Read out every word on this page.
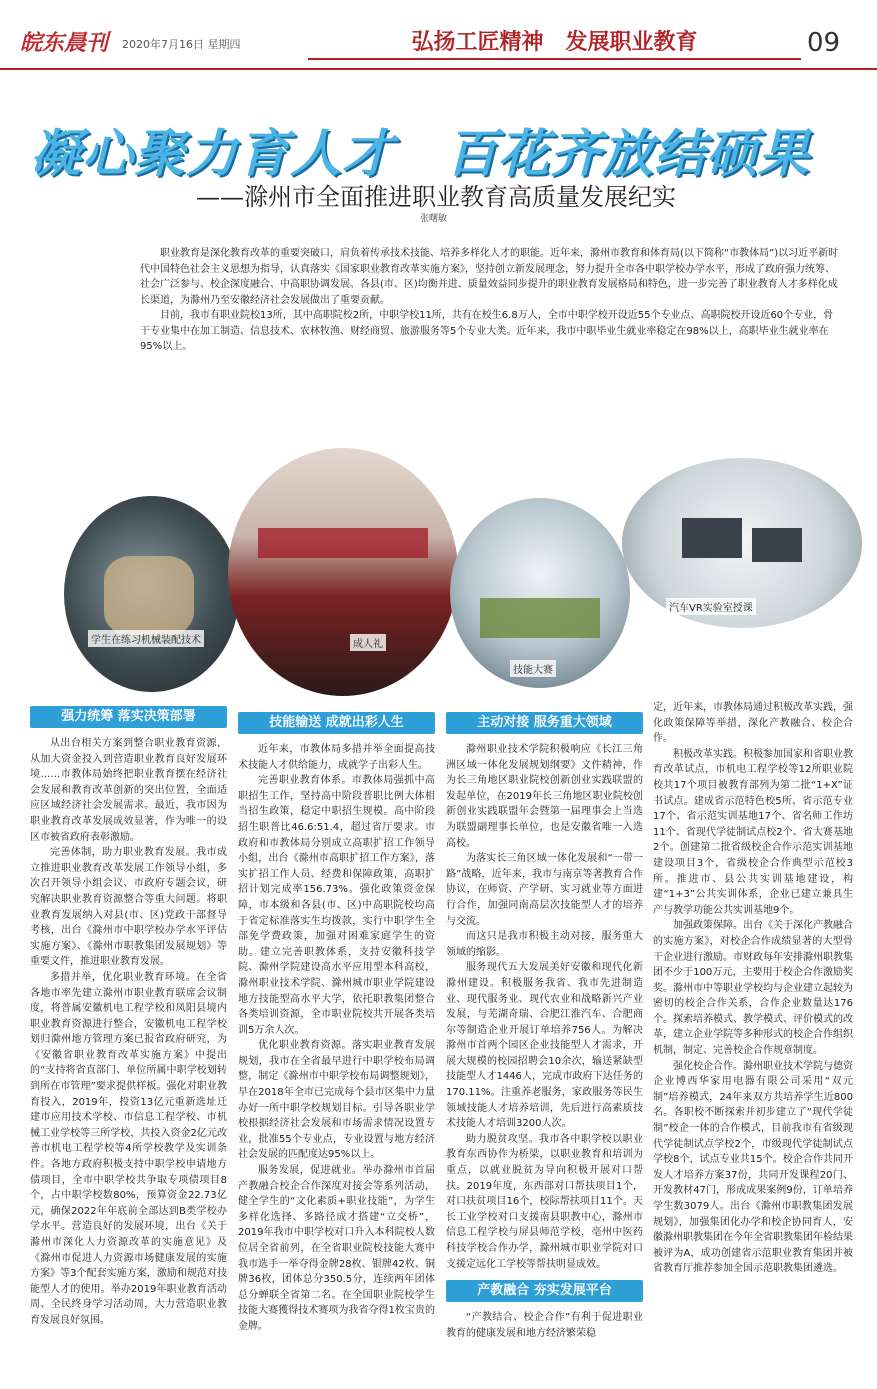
皖东晨刊 2020年7月16日 星期四	弘扬工匠精神　发展职业教育	09
凝心聚力育人才　百花齐放结硕果
——滁州市全面推进职业教育高质量发展纪实
张曙敏

职业教育是深化教育改革的重要突破口，肩负着传承技术技能、培养多样化人才的职能。近年来，滁州市教育和体育局(以下简称“市教体局”)以习近平新时代中国特色社会主义思想为指导，认真落实《国家职业教育改革实施方案》，坚持创立新发展理念，努力提升全市各中职学校办学水平，形成了政府强力统筹、社会广泛参与、校企深度融合、中高职协调发展、各县(市、区)均衡并进、质量效益同步提升的职业教育发展格局和特色，进一步完善了职业教育人才多样化成长渠道，为滁州乃至安徽经济社会发展做出了重要贡献。

目前，我市有职业院校13所，其中高职院校2所，中职学校11所，共有在校生6.8万人，全市中职学校开设近55个专业点、高职院校开设近60个专业，骨干专业集中在加工制造、信息技术、农林牧渔、财经商贸、旅游服务等5个专业大类。近年来，我市中职毕业生就业率稳定在98%以上，高职毕业生就业率在95%以上。

学生在练习机械装配技术	成人礼
技能大赛
汽车VR实验室授课
强力统筹 落实决策部署

从出台相关方案到整合职业教育资源，从加大资金投入到营造职业教育良好发展环境……市教体局始终把职业教育摆在经济社会发展和教育改革创新的突出位置，全面适应区域经济社会发展需求。最近，我市因为职业教育改革发展成效显著，作为唯一的设区市被省政府表彰激励。

完善体制，助力职业教育发展。我市成立推进职业教育改革发展工作领导小组，多次召开领导小组会议、市政府专题会议，研究解决职业教育资源整合等重大问题。将职业教育发展纳入对县(市、区)党政干部督导考核，出台《滁州市中职学校办学水平评估实施方案》、《滁州市职教集团发展规划》等重要文件，推进职业教育发展。

多措并举，优化职业教育环境。在全省各地市率先建立滁州市职业教育联席会议制度，将普属安徽机电工程学校和凤阳县境内职业教育资源进行整合，安徽机电工程学校划归滁州地方管理方案已报省政府研究，为《安徽省职业教育改革实施方案》中提出的“支持将省直部门、单位所属中职学校划转到所在市管理”要求提供样板。强化对职业教育投入，2019年，投资13亿元重新选址迁建市应用技术学校、市信息工程学校、市机械工业学校等三所学校，共投入资金2亿元改善市机电工程学校等4所学校教学及实训条件。各地方政府积极支持中职学校申请地方债项目，全市中职学校共争取专项债项目8个，占中职学校数80%，预算资金22.73亿元，确保2022年年底前全部达到B类学校办学水平。营造良好的发展环境，出台《关于滁州市深化人力资源改革的实施意见》及《滁州市促进人力资源市场健康发展的实施方案》等3个配套实施方案，激励和规范对技能型人才的使用。举办2019年职业教育活动周、全民终身学习活动周，大力营造职业教育发展良好氛围。

技能输送 成就出彩人生

近年来，市教体局多措并举全面提高技术技能人才供给能力，成就学子出彩人生。

完善职业教育体系。市教体局强抓中高职招生工作，坚持高中阶段普职比例大体相当招生政策，稳定中职招生规模。高中阶段招生职普比46.6:51.4，超过省厅要求。市政府和市教体局分别成立高职扩招工作领导小组，出台《滁州市高职扩招工作方案》，落实扩招工作人员、经费和保障政策，高职扩招计划完成率156.73%。强化政策资金保障，市本级和各县(市、区)中高职院校均高于省定标准落实生均拨款，实行中职学生全部免学费政策，加强对困难家庭学生的资助。建立完善职教体系，支持安徽科技学院、滁州学院建设高水平应用型本科高校，滁州职业技术学院、滁州城市职业学院建设地方技能型高水平大学，依托职教集团整合各类培训资源，全市职业院校共开展各类培训5万余人次。

优化职业教育资源。落实职业教育发展规划，我市在全省最早进行中职学校布局调整，制定《滁州市中职学校布局调整规划》，早在2018年全市已完成每个县市区集中力量办好一所中职学校规划目标。引导各职业学校根据经济社会发展和市场需求情况设置专业，批准55个专业点，专业设置与地方经济社会发展的匹配度达95%以上。

服务发展，促进就业。举办滁州市首届产教融合校企合作深度对接会等系列活动，健全学生的“文化素质+职业技能”，为学生多样化选择、多路径成才搭建“立交桥”，2019年我市中职学校对口升入本科院校人数位居全省前列，在全省职业院校技能大赛中我市选手一举夺得金牌28枚、银牌42枚、铜牌36枚，团体总分350.5分，连续两年团体总分蝉联全省第二名。在全国职业院校学生技能大赛獲得技术赛项为我省夺得1枚宝贵的金牌。

主动对接 服务重大领域

滁州职业技术学院积极响应《长江三角洲区域一体化发展规划纲要》文件精神，作为长三角地区职业院校创新创业实践联盟的发起单位，在2019年长三角地区职业院校创新创业实践联盟年会暨第一届理事会上当选为联盟副理事长单位，也是安徽省唯一入选高校。

为落实长三角区域一体化发展和“一带一路”战略，近年来，我市与南京等著教育合作协议，在师资、产学研、实习就业等方面进行合作，加强同南高层次技能型人才的培养与交流。

而这只是我市积极主动对接，服务重大领域的缩影。

服务现代五大发展美好安徽和现代化新滁州建设。积极服务我省、我市先进制造业、现代服务业、现代农业和战略新兴产业发展，与芜湖奇瑞、合肥江淮汽车、合肥商尔等制造企业开展订单培养756人。为解决滁州市首两个园区企业技能型人才需求，开展大规模的校园招聘会10余次，输送紧缺型技能型人才1446人，完成市政府下达任务的170.11%。注重养老服务，家政服务等民生领域技能人才培养培训，先后进行高素质技术技能人才培训3200人次。

助力脱贫攻坚。我市各中职学校以职业教育东西协作为桥梁，以职业教育和培训为重点，以就业脱贫为导向积极开展对口帮扶。2019年度，东西部对口帮扶项目1个，对口扶贫项目16个，校际帮扶项目11个。天长工业学校对口支援南县职教中心，滁州市信息工程学校与屏县师范学校，亳州中医药科技学校合作办学，滁州城市职业学院对口支援定远化工学校等帮扶明显成效。

产教融合 夯实发展平台

“产教结合、校企合作”有利于促进职业教育的健康发展和地方经济繁荣稳

定，近年来，市教体局通过积极改革实践，强化政策保障等举措，深化产教融合、校企合作。

积极改革实践。积极参加国家和省职业教育改革试点，市机电工程学校等12所职业院校共17个项目被教育部列为第二批“1+X”证书试点。建成省示范特色校5所、省示范专业17个、省示范实训基地17个、省名师工作坊11个、省现代学徒制试点校2个、省大赛基地2个。创建第二批省级校企合作示范实训基地建设项目3个，省级校企合作典型示范校3所。推进市、县公共实训基地建设，构建“1+3”公共实训体系，企业已建立兼具生产与教学功能公共实训基地9个。

加强政策保障。出台《关于深化产教融合的实施方案》，对校企合作成绩显著的大型骨干企业进行激励。市财政每年安排滁州职教集团不少于100万元，主要用于校企合作激励奖奖。滁州市中等职业学校均与企业建立起较为密切的校企合作关系，合作企业数量达176个。探索培养模式、教学模式、评价模式的改革，建立企业学院等多种形式的校企合作组织机制，制定、完善校企合作规章制度。

强化校企合作。滁州职业技术学院与德资企业博西华家用电器有限公司采用“双元制”培养模式，24年来双方共培养学生近800名。各职校不断探索并初步建立了“现代学徒制”校企一体的合作模式，目前我市有省级现代学徒制试点学校2个，市级现代学徒制试点学校8个，试点专业共15个。校企合作共同开发人才培养方案37份，共同开发课程20门、开发教材47门，形成成果案例9份，订单培养学生数3079人。出台《滁州市职教集团发展规划》，加强集团化办学和校企协同育人，安徽滁州职教集团在今年全省职教集团年检结果被评为A，成功创建省示范职业教育集团并被省教育厅推荐参加全国示范职教集团遴选。
